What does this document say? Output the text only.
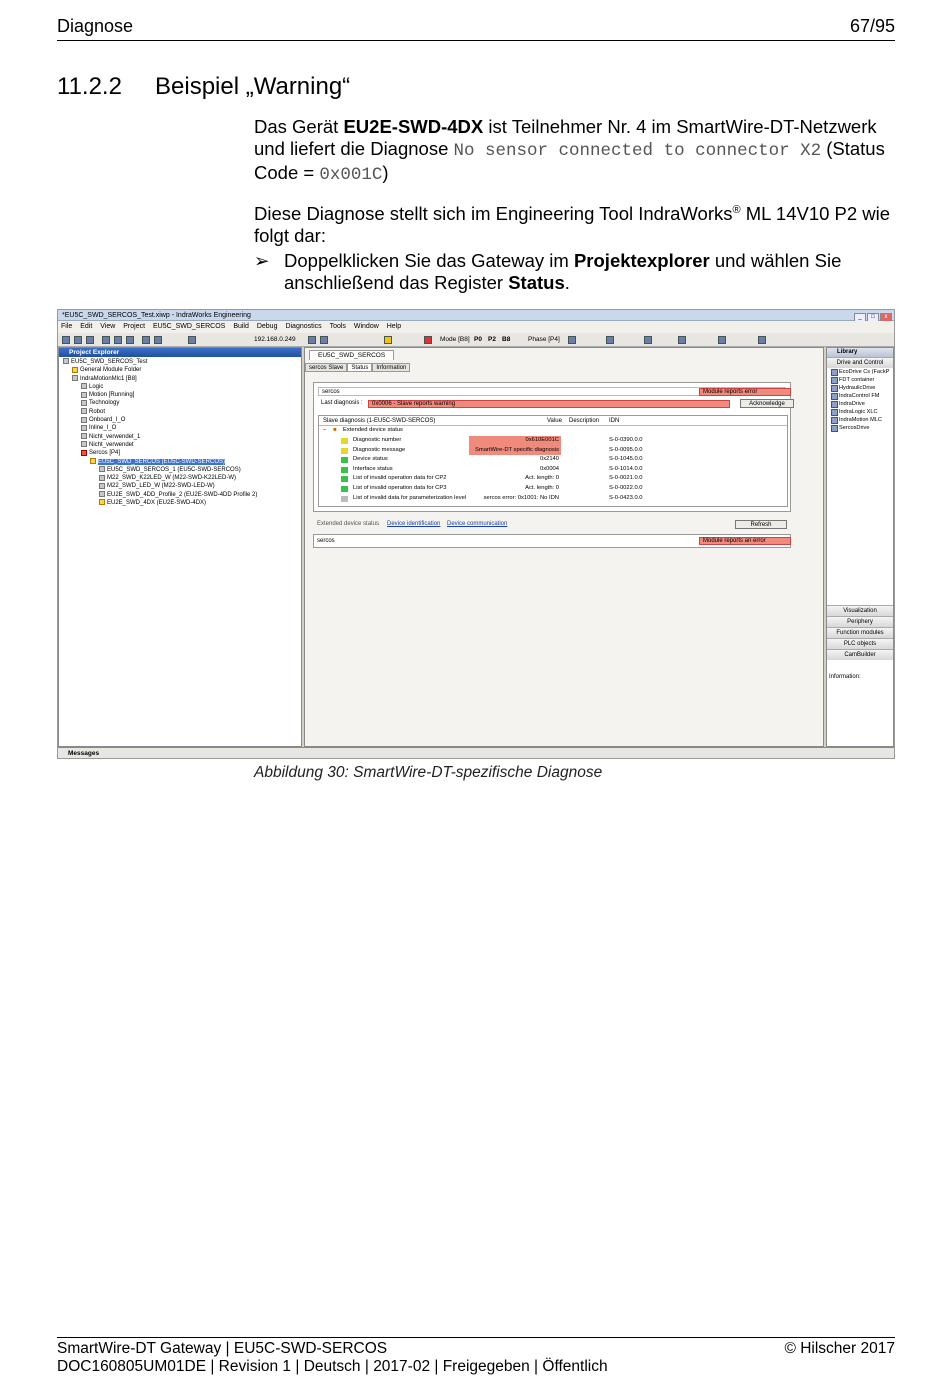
Diagnose	67/95
11.2.2 Beispiel „Warning“
Das Gerät EU2E-SWD-4DX ist Teilnehmer Nr. 4 im SmartWire-DT-Netzwerk und liefert die Diagnose No sensor connected to connector X2 (Status Code = 0x001C)
Diese Diagnose stellt sich im Engineering Tool IndraWorks® ML 14V10 P2 wie folgt dar:
➢ Doppelklicken Sie das Gateway im Projektexplorer und wählen Sie anschließend das Register Status.
*EU5C_SWD_SERCOS_Test.xiwp - IndraWorks Engineering	_ □ x
File Edit View Project EU5C_SWD_SERCOS Build Debug Diagnostics Tools Window Help
192.168.0.249	Mode [B8] P0 P2 B8	Phase [P4]
Project Explorer
EU5C_SWD_SERCOS_Test
General Module Folder
IndraMotionMlc1 [B8]
Logic
Motion [Running]
Technology
Robot
Onboard_I_O
Inline_I_O
Nicht_verwendet_1
Nicht_verwendet
Sercos [P4]
EU5C_SWD_SERCOS (EU5C-SWD-SERCOS)
EU5C_SWD_SERCOS_1 (EU5C-SWD-SERCOS)
M22_SWD_K22LED_W (M22-SWD-K22LED-W)
M22_SWD_LED_W (M22-SWD-LED-W)
EU2E_SWD_4DD_Profile_2 (EU2E-SWD-4DD Profile 2)
EU2E_SWD_4DX (EU2E-SWD-4DX)
EU5C_SWD_SERCOS
sercos Slave Status Information
sercos	Module reports error
Last diagnosis :	0x0006 - Slave reports warning	Acknowledge
Slave diagnosis (1-EU5C-SWD-SERCOS)	Value Description IDN
− ■ Extended device status
Diagnostic number	0x610E001C	S-0-0390.0.0
Diagnostic message	SmartWire-DT specific diagnosis	S-0-0095.0.0
Device status	0x2140	S-0-1045.0.0
Interface status	0x0004	S-0-1014.0.0
List of invalid operation data for CP2	Act. length: 0	S-0-0021.0.0
List of invalid operation data for CP3	Act. length: 0	S-0-0022.0.0
List of invalid data for parameterization level	sercos error: 0x1001: No IDN	S-0-0423.0.0
Extended device status Device identification Device communication	Refresh
sercos	Module reports an error
Library
Drive and Control
EcoDrive Cs (FackP
FDT container
HydraulicDrive
IndraControl FM
IndraDrive
IndraLogic XLC
IndraMotion MLC
SercosDrive
Visualization
Periphery
Function modules
PLC objects
CamBuilder
Information:
Messages
Abbildung 30: SmartWire-DT-spezifische Diagnose
SmartWire-DT Gateway | EU5C-SWD-SERCOS
DOC160805UM01DE | Revision 1 | Deutsch | 2017-02 | Freigegeben | Öffentlich
© Hilscher 2017
